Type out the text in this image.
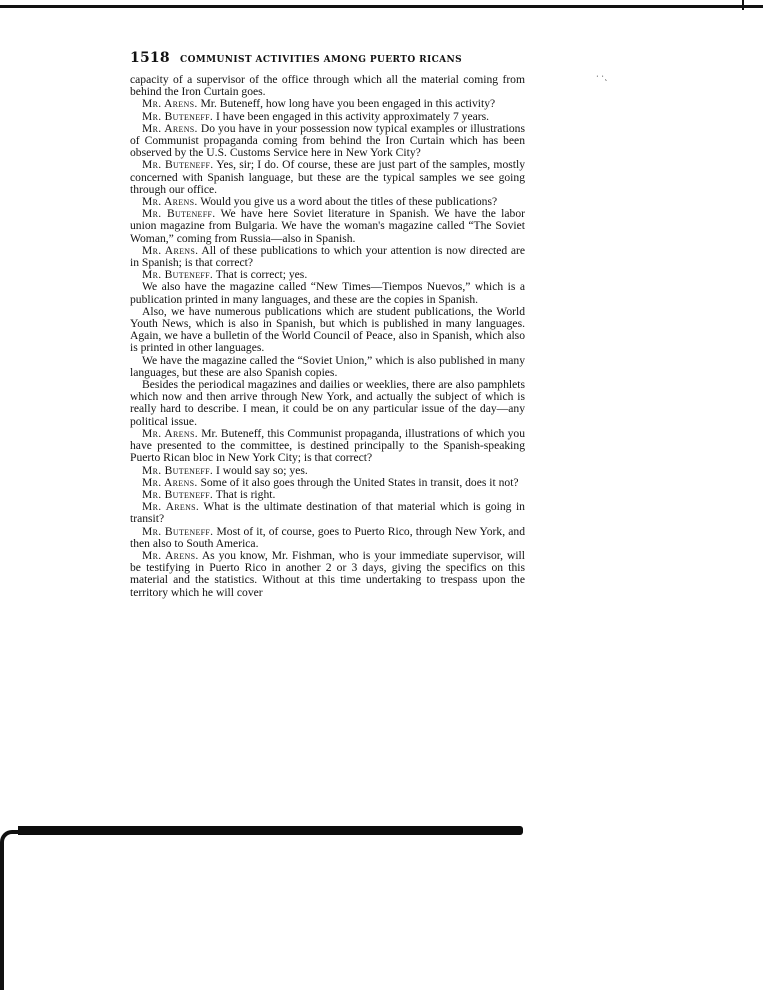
⋅ ⋅˛
1518	COMMUNIST ACTIVITIES AMONG PUERTO RICANS

capacity of a supervisor of the office through which all the material coming from behind the Iron Curtain goes.

Mr. Arens. Mr. Buteneff, how long have you been engaged in this activity?

Mr. Buteneff. I have been engaged in this activity approximately 7 years.

Mr. Arens. Do you have in your possession now typical examples or illustrations of Communist propaganda coming from behind the Iron Curtain which has been observed by the U.S. Customs Service here in New York City?

Mr. Buteneff. Yes, sir; I do. Of course, these are just part of the samples, mostly concerned with Spanish language, but these are the typical samples we see going through our office.

Mr. Arens. Would you give us a word about the titles of these publications?

Mr. Buteneff. We have here Soviet literature in Spanish. We have the labor union magazine from Bulgaria. We have the woman's magazine called “The Soviet Woman,” coming from Russia—also in Spanish.

Mr. Arens. All of these publications to which your attention is now directed are in Spanish; is that correct?

Mr. Buteneff. That is correct; yes.

We also have the magazine called “New Times—Tiempos Nuevos,” which is a publication printed in many languages, and these are the copies in Spanish.

Also, we have numerous publications which are student publications, the World Youth News, which is also in Spanish, but which is published in many languages. Again, we have a bulletin of the World Council of Peace, also in Spanish, which also is printed in other languages.

We have the magazine called the “Soviet Union,” which is also published in many languages, but these are also Spanish copies.

Besides the periodical magazines and dailies or weeklies, there are also pamphlets which now and then arrive through New York, and actually the subject of which is really hard to describe. I mean, it could be on any particular issue of the day—any political issue.

Mr. Arens. Mr. Buteneff, this Communist propaganda, illustrations of which you have presented to the committee, is destined principally to the Spanish-speaking Puerto Rican bloc in New York City; is that correct?

Mr. Buteneff. I would say so; yes.

Mr. Arens. Some of it also goes through the United States in transit, does it not?

Mr. Buteneff. That is right.

Mr. Arens. What is the ultimate destination of that material which is going in transit?

Mr. Buteneff. Most of it, of course, goes to Puerto Rico, through New York, and then also to South America.

Mr. Arens. As you know, Mr. Fishman, who is your immediate supervisor, will be testifying in Puerto Rico in another 2 or 3 days, giving the specifics on this material and the statistics. Without at this time undertaking to trespass upon the territory which he will cover
